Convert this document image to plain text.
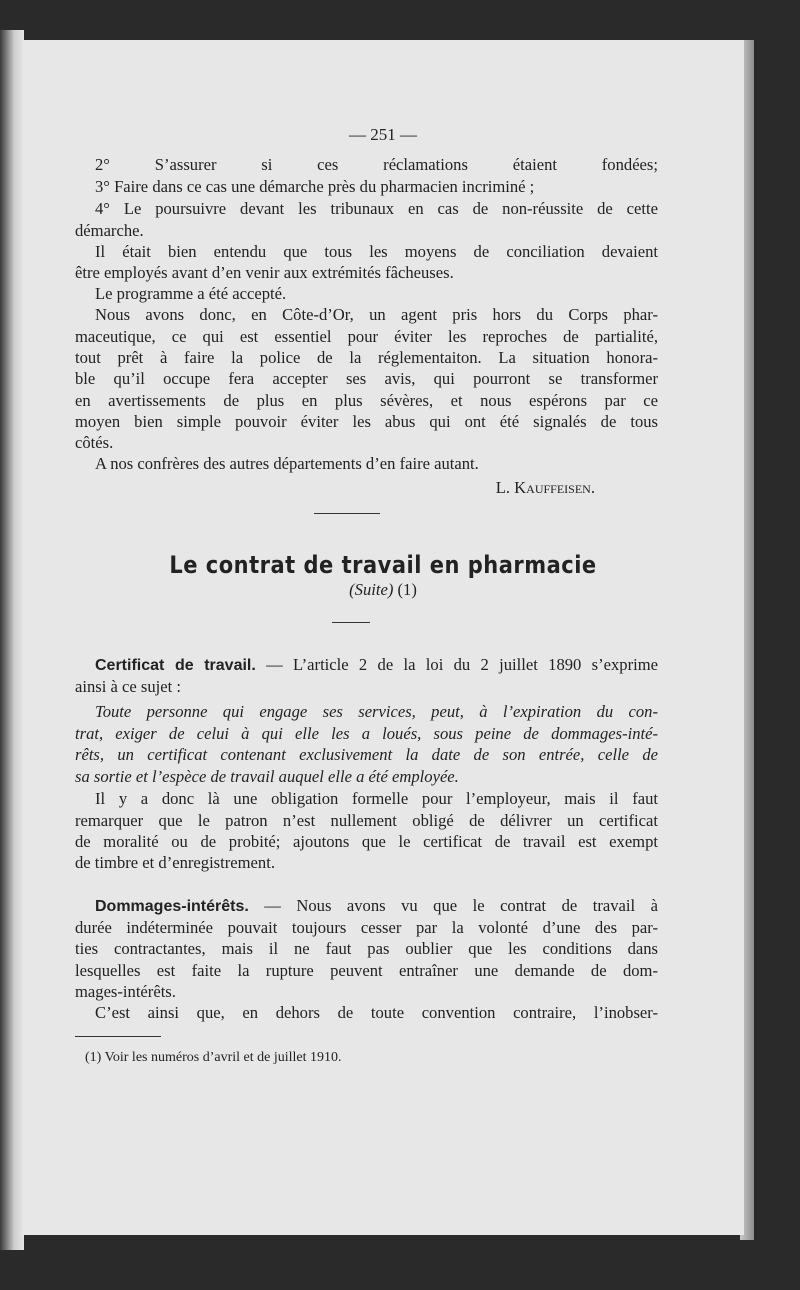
— 251 —
2° S’assurer si ces réclamations étaient fondées;
3° Faire dans ce cas une démarche près du pharmacien incriminé ;
4° Le poursuivre devant les tribunaux en cas de non-réussite de cette
démarche.
Il était bien entendu que tous les moyens de conciliation devaient
être employés avant d’en venir aux extrémités fâcheuses.
Le programme a été accepté.
Nous avons donc, en Côte-d’Or, un agent pris hors du Corps phar-
maceutique, ce qui est essentiel pour éviter les reproches de partialité,
tout prêt à faire la police de la réglementaiton. La situation honora-
ble qu’il occupe fera accepter ses avis, qui pourront se transformer
en avertissements de plus en plus sévères, et nous espérons par ce
moyen bien simple pouvoir éviter les abus qui ont été signalés de tous
côtés.
A nos confrères des autres départements d’en faire autant.
L. Kauffeisen.
Le contrat de travail en pharmacie
(Suite) (1)
Certificat de travail. — L’article 2 de la loi du 2 juillet 1890 s’exprime
ainsi à ce sujet :
Toute personne qui engage ses services, peut, à l’expiration du con-
trat, exiger de celui à qui elle les a loués, sous peine de dommages-inté-
rêts, un certificat contenant exclusivement la date de son entrée, celle de
sa sortie et l’espèce de travail auquel elle a été employée.
Il y a donc là une obligation formelle pour l’employeur, mais il faut
remarquer que le patron n’est nullement obligé de délivrer un certificat
de moralité ou de probité; ajoutons que le certificat de travail est exempt
de timbre et d’enregistrement.
Dommages-intérêts. — Nous avons vu que le contrat de travail à
durée indéterminée pouvait toujours cesser par la volonté d’une des par-
ties contractantes, mais il ne faut pas oublier que les conditions dans
lesquelles est faite la rupture peuvent entraîner une demande de dom-
mages-intérêts.
C’est ainsi que, en dehors de toute convention contraire, l’inobser-
(1) Voir les numéros d’avril et de juillet 1910.
